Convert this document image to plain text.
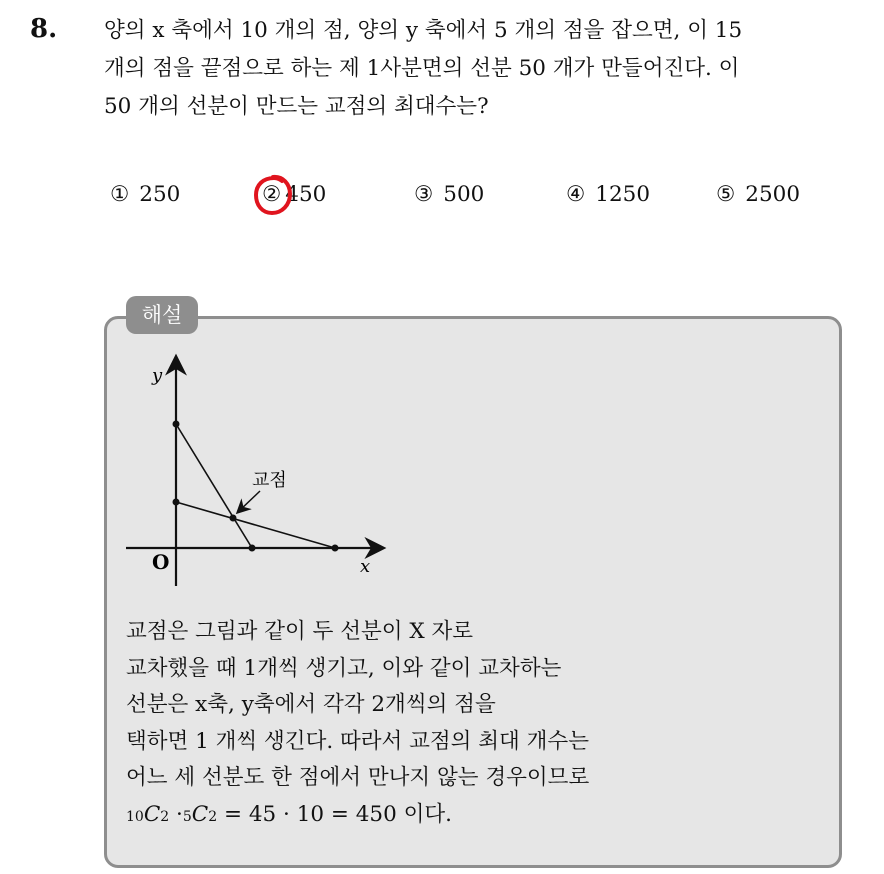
8. 양의 x 축에서 10 개의 점, 양의 y 축에서 5 개의 점을 잡으면, 이 15
개의 점을 끝점으로 하는 제 1사분면의 선분 50 개가 만들어진다. 이
50 개의 선분이 만드는 교점의 최대수는?
① 250	② 450	③ 500	④ 1250	⑤ 2500
해설
y
x
O
교점
교점은 그림과 같이 두 선분이 X 자로
교차했을 때 1개씩 생기고, 이와 같이 교차하는
선분은 x축, y축에서 각각 2개씩의 점을
택하면 1 개씩 생긴다. 따라서 교점의 최대 개수는
어느 세 선분도 한 점에서 만나지 않는 경우이므로
10C2 ·5C2 = 45 · 10 = 450 이다.
